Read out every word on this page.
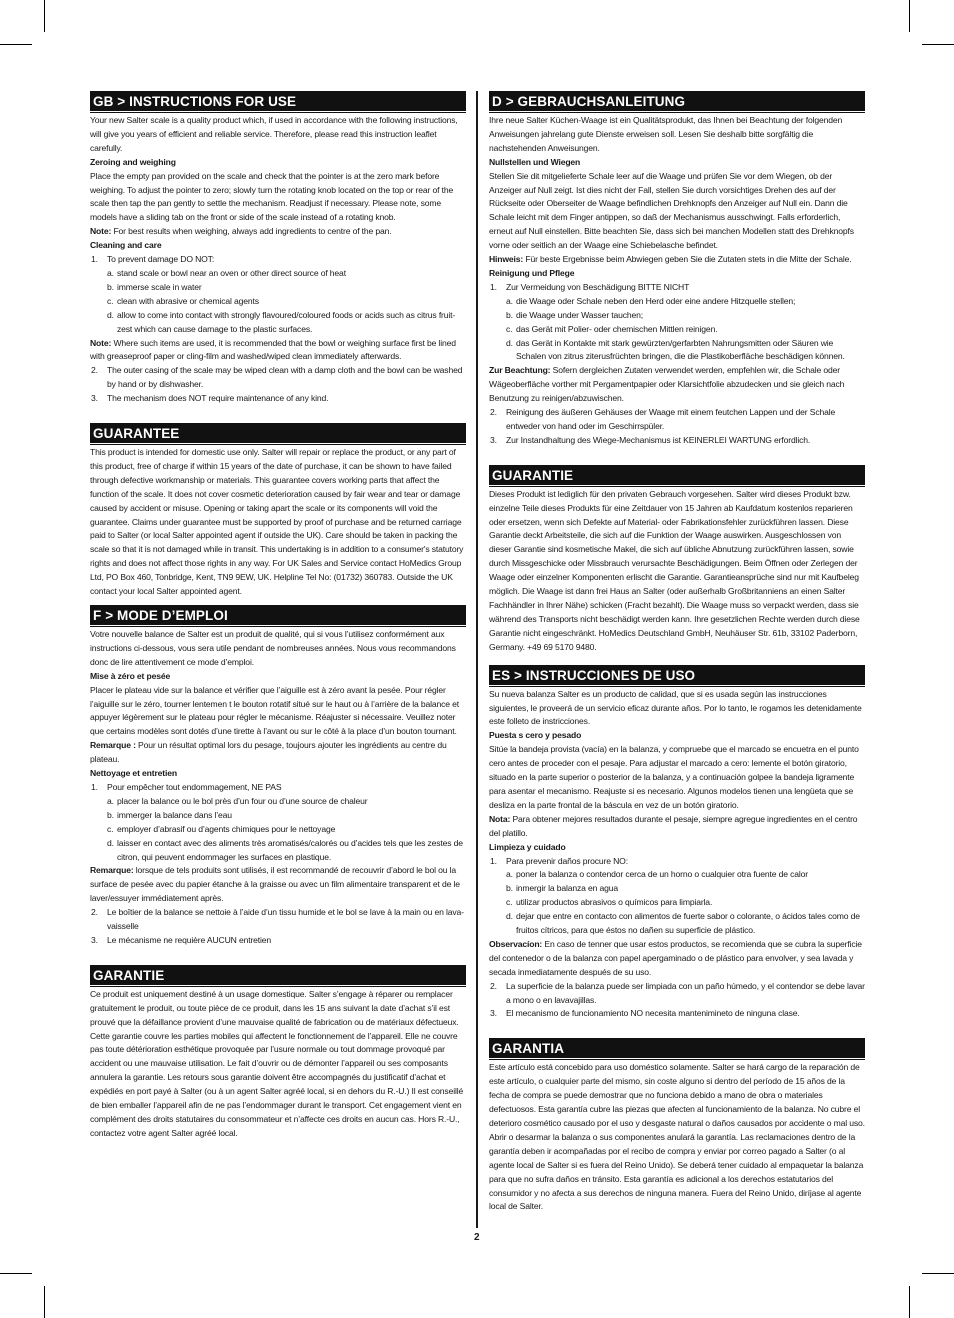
GB > INSTRUCTIONS FOR USE

Your new Salter scale is a quality product which, if used in accordance with the following instructions, will give you years of efficient and reliable service. Therefore, please read this instruction leaflet carefully.

Zeroing and weighing

Place the empty pan provided on the scale and check that the pointer is at the zero mark before weighing. To adjust the pointer to zero; slowly turn the rotating knob located on the top or rear of the scale then tap the pan gently to settle the mechanism. Readjust if necessary. Please note, some models have a sliding tab on the front or side of the scale instead of a rotating knob.

Note: For best results when weighing, always add ingredients to centre of the pan.

Cleaning and care

1. To prevent damage DO NOT:
a. stand scale or bowl near an oven or other direct source of heat
b. immerse scale in water
c. clean with abrasive or chemical agents
d. allow to come into contact with strongly flavoured/coloured foods or acids such as citrus fruit-zest which can cause damage to the plastic surfaces.

Note: Where such items are used, it is recommended that the bowl or weighing surface first be lined with greaseproof paper or cling-film and washed/wiped clean immediately afterwards.

2. The outer casing of the scale may be wiped clean with a damp cloth and the bowl can be washed by hand or by dishwasher.
3. The mechanism does NOT require maintenance of any kind.
GUARANTEE

This product is intended for domestic use only. Salter will repair or replace the product, or any part of this product, free of charge if within 15 years of the date of purchase, it can be shown to have failed through defective workmanship or materials. This guarantee covers working parts that affect the function of the scale. It does not cover cosmetic deterioration caused by fair wear and tear or damage caused by accident or misuse. Opening or taking apart the scale or its components will void the guarantee. Claims under guarantee must be supported by proof of purchase and be returned carriage paid to Salter (or local Salter appointed agent if outside the UK). Care should be taken in packing the scale so that it is not damaged while in transit. This undertaking is in addition to a consumer's statutory rights and does not affect those rights in any way. For UK Sales and Service contact HoMedics Group Ltd, PO Box 460, Tonbridge, Kent, TN9 9EW, UK. Helpline Tel No: (01732) 360783. Outside the UK contact your local Salter appointed agent.

F > MODE D’EMPLOI

Votre nouvelle balance de Salter est un produit de qualité, qui si vous l’utilisez conformément aux instructions ci-dessous, vous sera utile pendant de nombreuses années. Nous vous recommandons donc de lire attentivement ce mode d’emploi.

Mise à zéro et pesée

Placer le plateau vide sur la balance et vérifier que l’aiguille est à zéro avant la pesée. Pour régler l’aiguille sur le zéro, tourner lentemen t le bouton rotatif situé sur le haut ou à l’arrière de la balance et appuyer légèrement sur le plateau pour régler le mécanisme. Réajuster si nécessaire. Veuillez noter que certains modèles sont dotés d’une tirette à l’avant ou sur le côté à la place d’un bouton tournant.

Remarque : Pour un résultat optimal lors du pesage, toujours ajouter les ingrédients au centre du plateau.

Nettoyage et entretien

1. Pour empêcher tout endommagement, NE PAS
a. placer la balance ou le bol près d’un four ou d’une source de chaleur
b. immerger la balance dans l’eau
c. employer d’abrasif ou d’agents chimiques pour le nettoyage
d. laisser en contact avec des aliments très aromatisés/calorés ou d’acides tels que les zestes de citron, qui peuvent endommager les surfaces en plastique.

Remarque: lorsque de tels produits sont utilisés, il est recommandé de recouvrir d’abord le bol ou la surface de pesée avec du papier étanche à la graisse ou avec un film alimentaire transparent et de le laver/essuyer immédiatement après.

2. Le boîtier de la balance se nettoie à l’aide d’un tissu humide et le bol se lave à la main ou en lava-vaisselle
3. Le mécanisme ne requière AUCUN entretien
GARANTIE

Ce produit est uniquement destiné à un usage domestique. Salter s’engage à réparer ou remplacer gratuitement le produit, ou toute pièce de ce produit, dans les 15 ans suivant la date d’achat s’il est prouvé que la défaillance provient d’une mauvaise qualité de fabrication ou de matériaux défectueux. Cette garantie couvre les parties mobiles qui affectent le fonctionnement de l’appareil. Elle ne couvre pas toute détérioration esthétique provoquée par l’usure normale ou tout dommage provoqué par accident ou une mauvaise utilisation. Le fait d’ouvrir ou de démonter l’appareil ou ses composants annulera la garantie. Les retours sous garantie doivent être accompagnés du justificatif d’achat et expédiés en port payé à Salter (ou à un agent Salter agréé local, si en dehors du R.-U.) Il est conseillé de bien emballer l’appareil afin de ne pas l’endommager durant le transport. Cet engagement vient en complément des droits statutaires du consommateur et n’affecte ces droits en aucun cas. Hors R.-U., contactez votre agent Salter agréé local.

D > GEBRAUCHSANLEITUNG

Ihre neue Salter Küchen-Waage ist ein Qualitätsprodukt, das Ihnen bei Beachtung der folgenden Anweisungen jahrelang gute Dienste erweisen soll. Lesen Sie deshalb bitte sorgfältig die nachstehenden Anweisungen.

Nullstellen und Wiegen

Stellen Sie dit mitgelieferte Schale leer auf die Waage und prüfen Sie vor dem Wiegen, ob der Anzeiger auf Null zeigt. Ist dies nicht der Fall, stellen Sie durch vorsichtiges Drehen des auf der Rückseite oder Oberseiter de Waage befindlichen Drehknopfs den Anzeiger auf Null ein. Dann die Schale leicht mit dem Finger antippen, so daß der Mechanismus ausschwingt. Falls erforderlich, erneut auf Null einstellen. Bitte beachten Sie, dass sich bei manchen Modellen statt des Drehknopfs vorne oder seitlich an der Waage eine Schiebelasche befindet.

Hinweis: Für beste Ergebnisse beim Abwiegen geben Sie die Zutaten stets in die Mitte der Schale.

Reinigung und Pflege

1. Zur Vermeidung von Beschädigung BITTE NICHT
a. die Waage oder Schale neben den Herd oder eine andere Hitzquelle stellen;
b. die Waage under Wasser tauchen;
c. das Gerät mit Polier- oder chemischen Mittlen reinigen.
d. das Gerät in Kontakte mit stark gewürzten/gerfarbten Nahrungsmitten oder Säuren wie Schalen von zitrus ziterusfrüchten bringen, die die Plastikoberfläche beschädigen können.

Zur Beachtung: Sofern dergleichen Zutaten verwendet werden, empfehlen wir, die Schale oder Wägeoberfläche vorther mit Pergamentpapier oder Klarsichtfolie abzudecken und sie gleich nach Benutzung zu reinigen/abzuwischen.

2. Reinigung des äußeren Gehäuses der Waage mit einem feutchen Lappen und der Schale entweder von hand oder im Geschirrspüler.
3. Zur Instandhaltung des Wiege-Mechanismus ist KEINERLEI WARTUNG erfordlich.
GUARANTIE

Dieses Produkt ist lediglich für den privaten Gebrauch vorgesehen. Salter wird dieses Produkt bzw. einzelne Teile dieses Produkts für eine Zeitdauer von 15 Jahren ab Kaufdatum kostenlos reparieren oder ersetzen, wenn sich Defekte auf Material- oder Fabrikationsfehler zurückführen lassen. Diese Garantie deckt Arbeitsteile, die sich auf die Funktion der Waage auswirken. Ausgeschlossen von dieser Garantie sind kosmetische Makel, die sich auf übliche Abnutzung zurückführen lassen, sowie durch Missgeschicke oder Missbrauch verursachte Beschädigungen. Beim Öffnen oder Zerlegen der Waage oder einzelner Komponenten erlischt die Garantie. Garantieansprüche sind nur mit Kaufbeleg möglich. Die Waage ist dann frei Haus an Salter (oder außerhalb Großbritanniens an einen Salter Fachhändler in Ihrer Nähe) schicken (Fracht bezahlt). Die Waage muss so verpackt werden, dass sie während des Transports nicht beschädigt werden kann. Ihre gesetzlichen Rechte werden durch diese Garantie nicht eingeschränkt. HoMedics Deutschland GmbH, Neuhäuser Str. 61b, 33102 Paderborn, Germany. +49 69 5170 9480.

ES > INSTRUCCIONES DE USO

Su nueva balanza Salter es un producto de calidad, que si es usada según las instrucciones siguientes, le proveerá de un servicio eficaz durante años. Por lo tanto, le rogamos les detenidamente este folleto de instricciones.

Puesta s cero y pesado

Sitúe la bandeja provista (vacía) en la balanza, y compruebe que el marcado se encuetra en el punto cero antes de proceder con el pesaje. Para adjustar el marcado a cero: lemente el botón giratorio, situado en la parte superior o posterior de la balanza, y a continuación golpee la bandeja ligramente para asentar el mecanismo. Reajuste si es necesario. Algunos modelos tienen una lengüeta que se desliza en la parte frontal de la báscula en vez de un botón giratorio.

Nota: Para obtener mejores resultados durante el pesaje, siempre agregue ingredientes en el centro del platillo.

Limpieza y cuidado

1. Para prevenir daños procure NO:
a. poner la balanza o contendor cerca de un horno o cualquier otra fuente de calor
b. inmergir la balanza en agua
c. utilizar productos abrasivos o químicos para limpiarla.
d. dejar que entre en contacto con alimentos de fuerte sabor o colorante, o ácidos tales como de fruitos cítricos, para que éstos no dañen su superficie de plástico.

Observacíon: En caso de tenner que usar estos productos, se recomienda que se cubra la superficie del contenedor o de la balanza con papel apergaminado o de plástico para envolver, y sea lavada y secada inmediatamente después de su uso.

2. La superficie de la balanza puede ser limpiada con un paño húmedo, y el contendor se debe lavar a mono o en lavavajillas.
3. El mecanismo de funcionamiento NO necesita mantenimineto de ninguna clase.
GARANTIA

Este artículo está concebido para uso doméstico solamente. Salter se hará cargo de la reparación de este artículo, o cualquier parte del mismo, sin coste alguno si dentro del período de 15 años de la fecha de compra se puede demostrar que no funciona debido a mano de obra o materiales defectuosos. Esta garantía cubre las piezas que afecten al funcionamiento de la balanza. No cubre el deterioro cosmético causado por el uso y desgaste natural o daños causados por accidente o mal uso. Abrir o desarmar la balanza o sus componentes anulará la garantía. Las reclamaciones dentro de la garantía deben ir acompañadas por el recibo de compra y enviar por correo pagado a Salter (o al agente local de Salter si es fuera del Reino Unido). Se deberá tener cuidado al empaquetar la balanza para que no sufra daños en tránsito. Esta garantía es adicional a los derechos estatutarios del consumidor y no afecta a sus derechos de ninguna manera. Fuera del Reino Unido, diríjase al agente local de Salter.

2
